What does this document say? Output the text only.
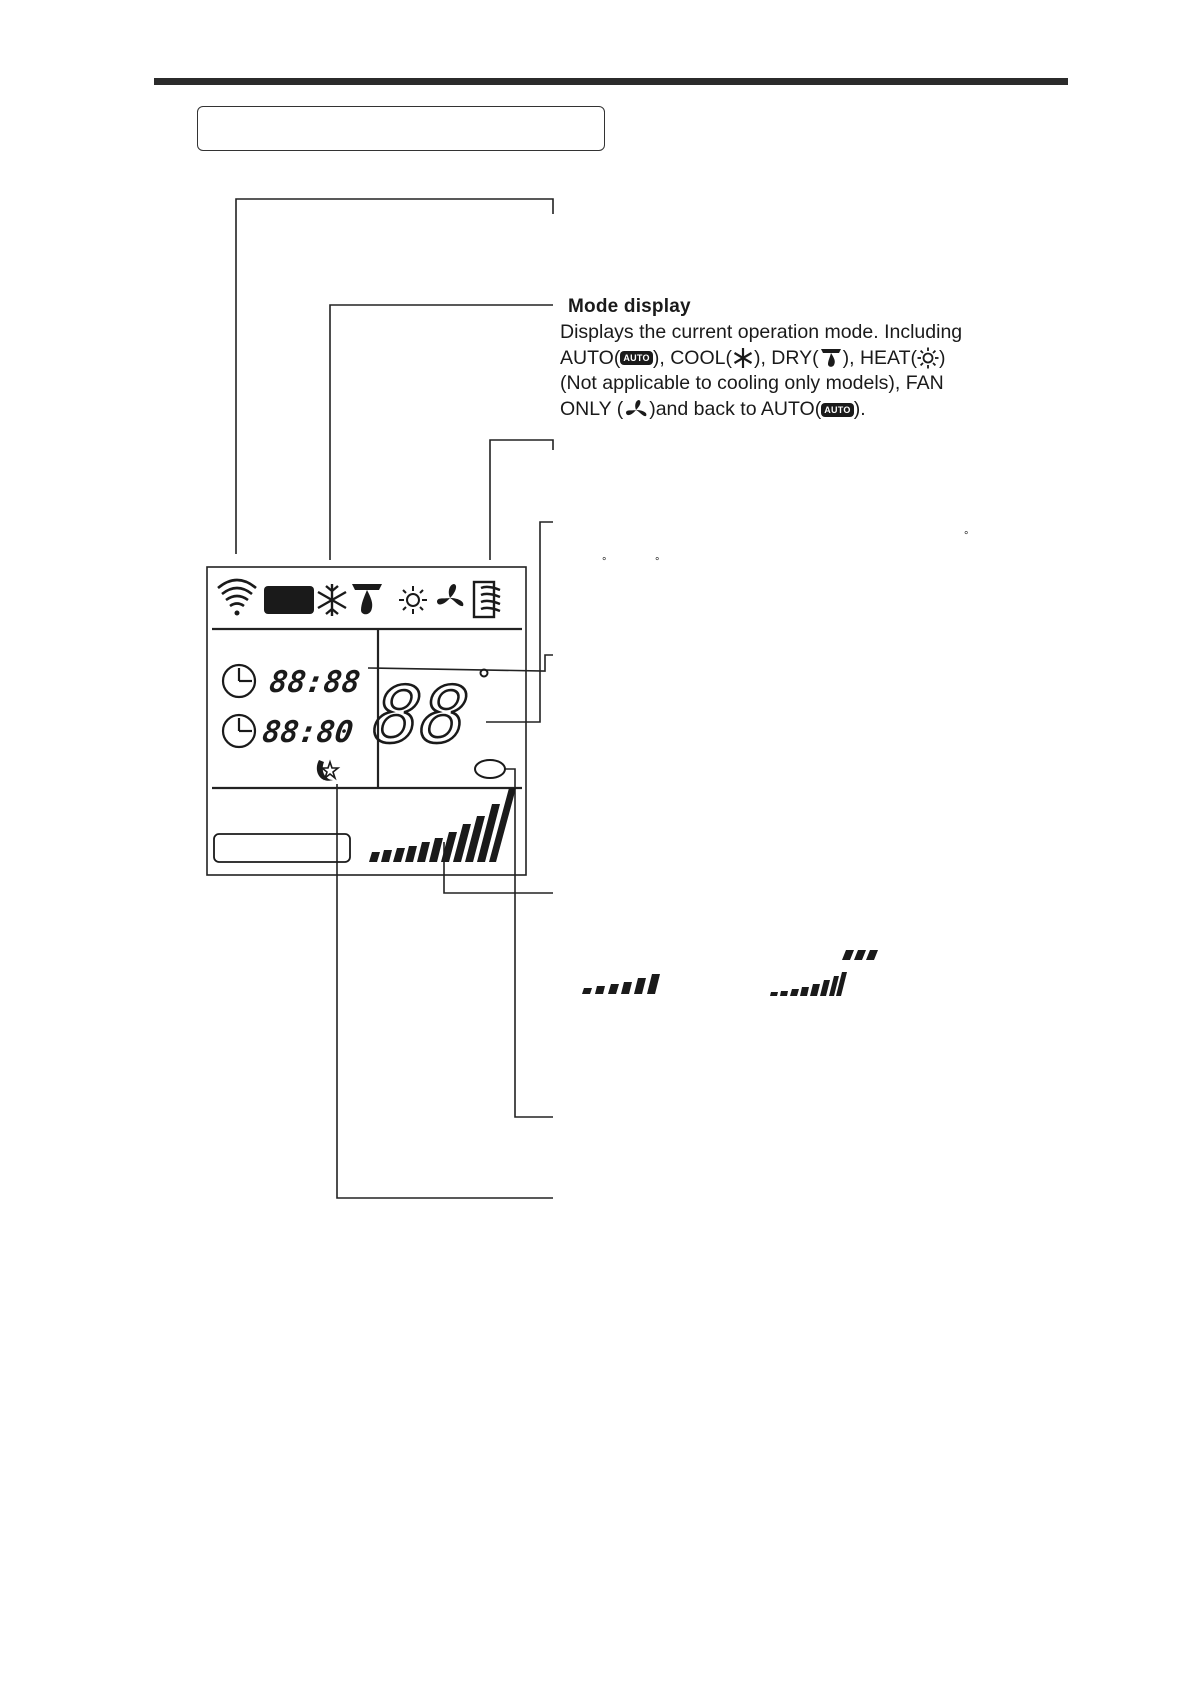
Mode display
Displays the current operation mode. Including
AUTO( AUTO ), COOL( ), DRY( ), HEAT( )
(Not applicable to cooling only models), FAN
ONLY ( )and back to AUTO( AUTO ).
°
°	°
88:88
88:80 88
